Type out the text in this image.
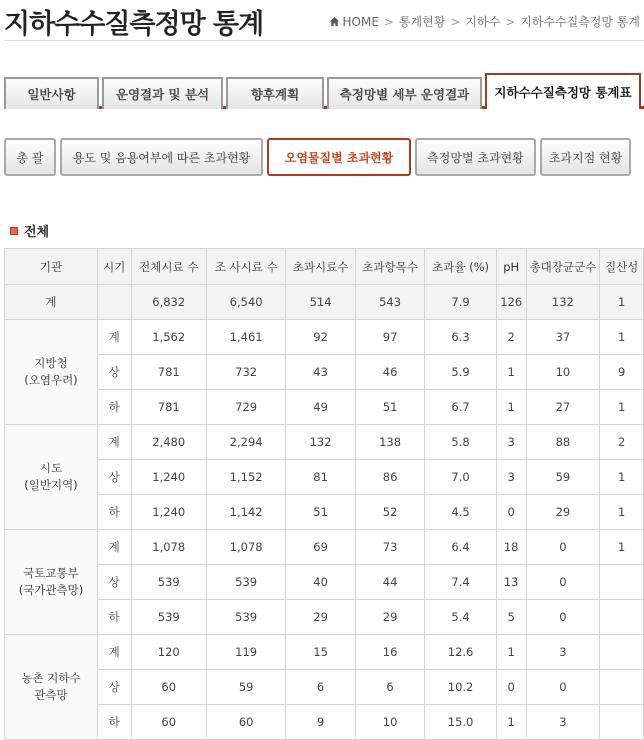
지하수수질측정망 통계	HOME > 통계현황 > 지하수 > 지하수수질측정망 통계
일반사항	운영결과 및 분석	향후계획	측정망별 세부 운영결과	지하수수질측정망 통계표
총 괄	용도 및 음용여부에 따른 초과현황	오염물질별 초과현황	측정망별 초과현황	초과지점 현황
전체
기관	시기	전체시료 수	조 사시료 수	초과시료수	초과항목수	초과율 (%)	pH	총대장균군수	질산성
계		6,832	6,540	514	543	7.9	126	132	1

지방청
(오염우려)	계	1,562	1,461	92	97	6.3	2	37	1
	상	781	732	43	46	5.9	1	10	9
	하	781	729	49	51	6.7	1	27	1

시도
(일반지역)	계	2,480	2,294	132	138	5.8	3	88	2
	상	1,240	1,152	81	86	7.0	3	59	1
	하	1,240	1,142	51	52	4.5	0	29	1

국토교통부
(국가관측망)	계	1,078	1,078	69	73	6.4	18	0	1
	상	539	539	40	44	7.4	13	0	
	하	539	539	29	29	5.4	5	0	

농촌 지하수
관측망	계	120	119	15	16	12.6	1	3	
	상	60	59	6	6	10.2	0	0	
	하	60	60	9	10	15.0	1	3	
